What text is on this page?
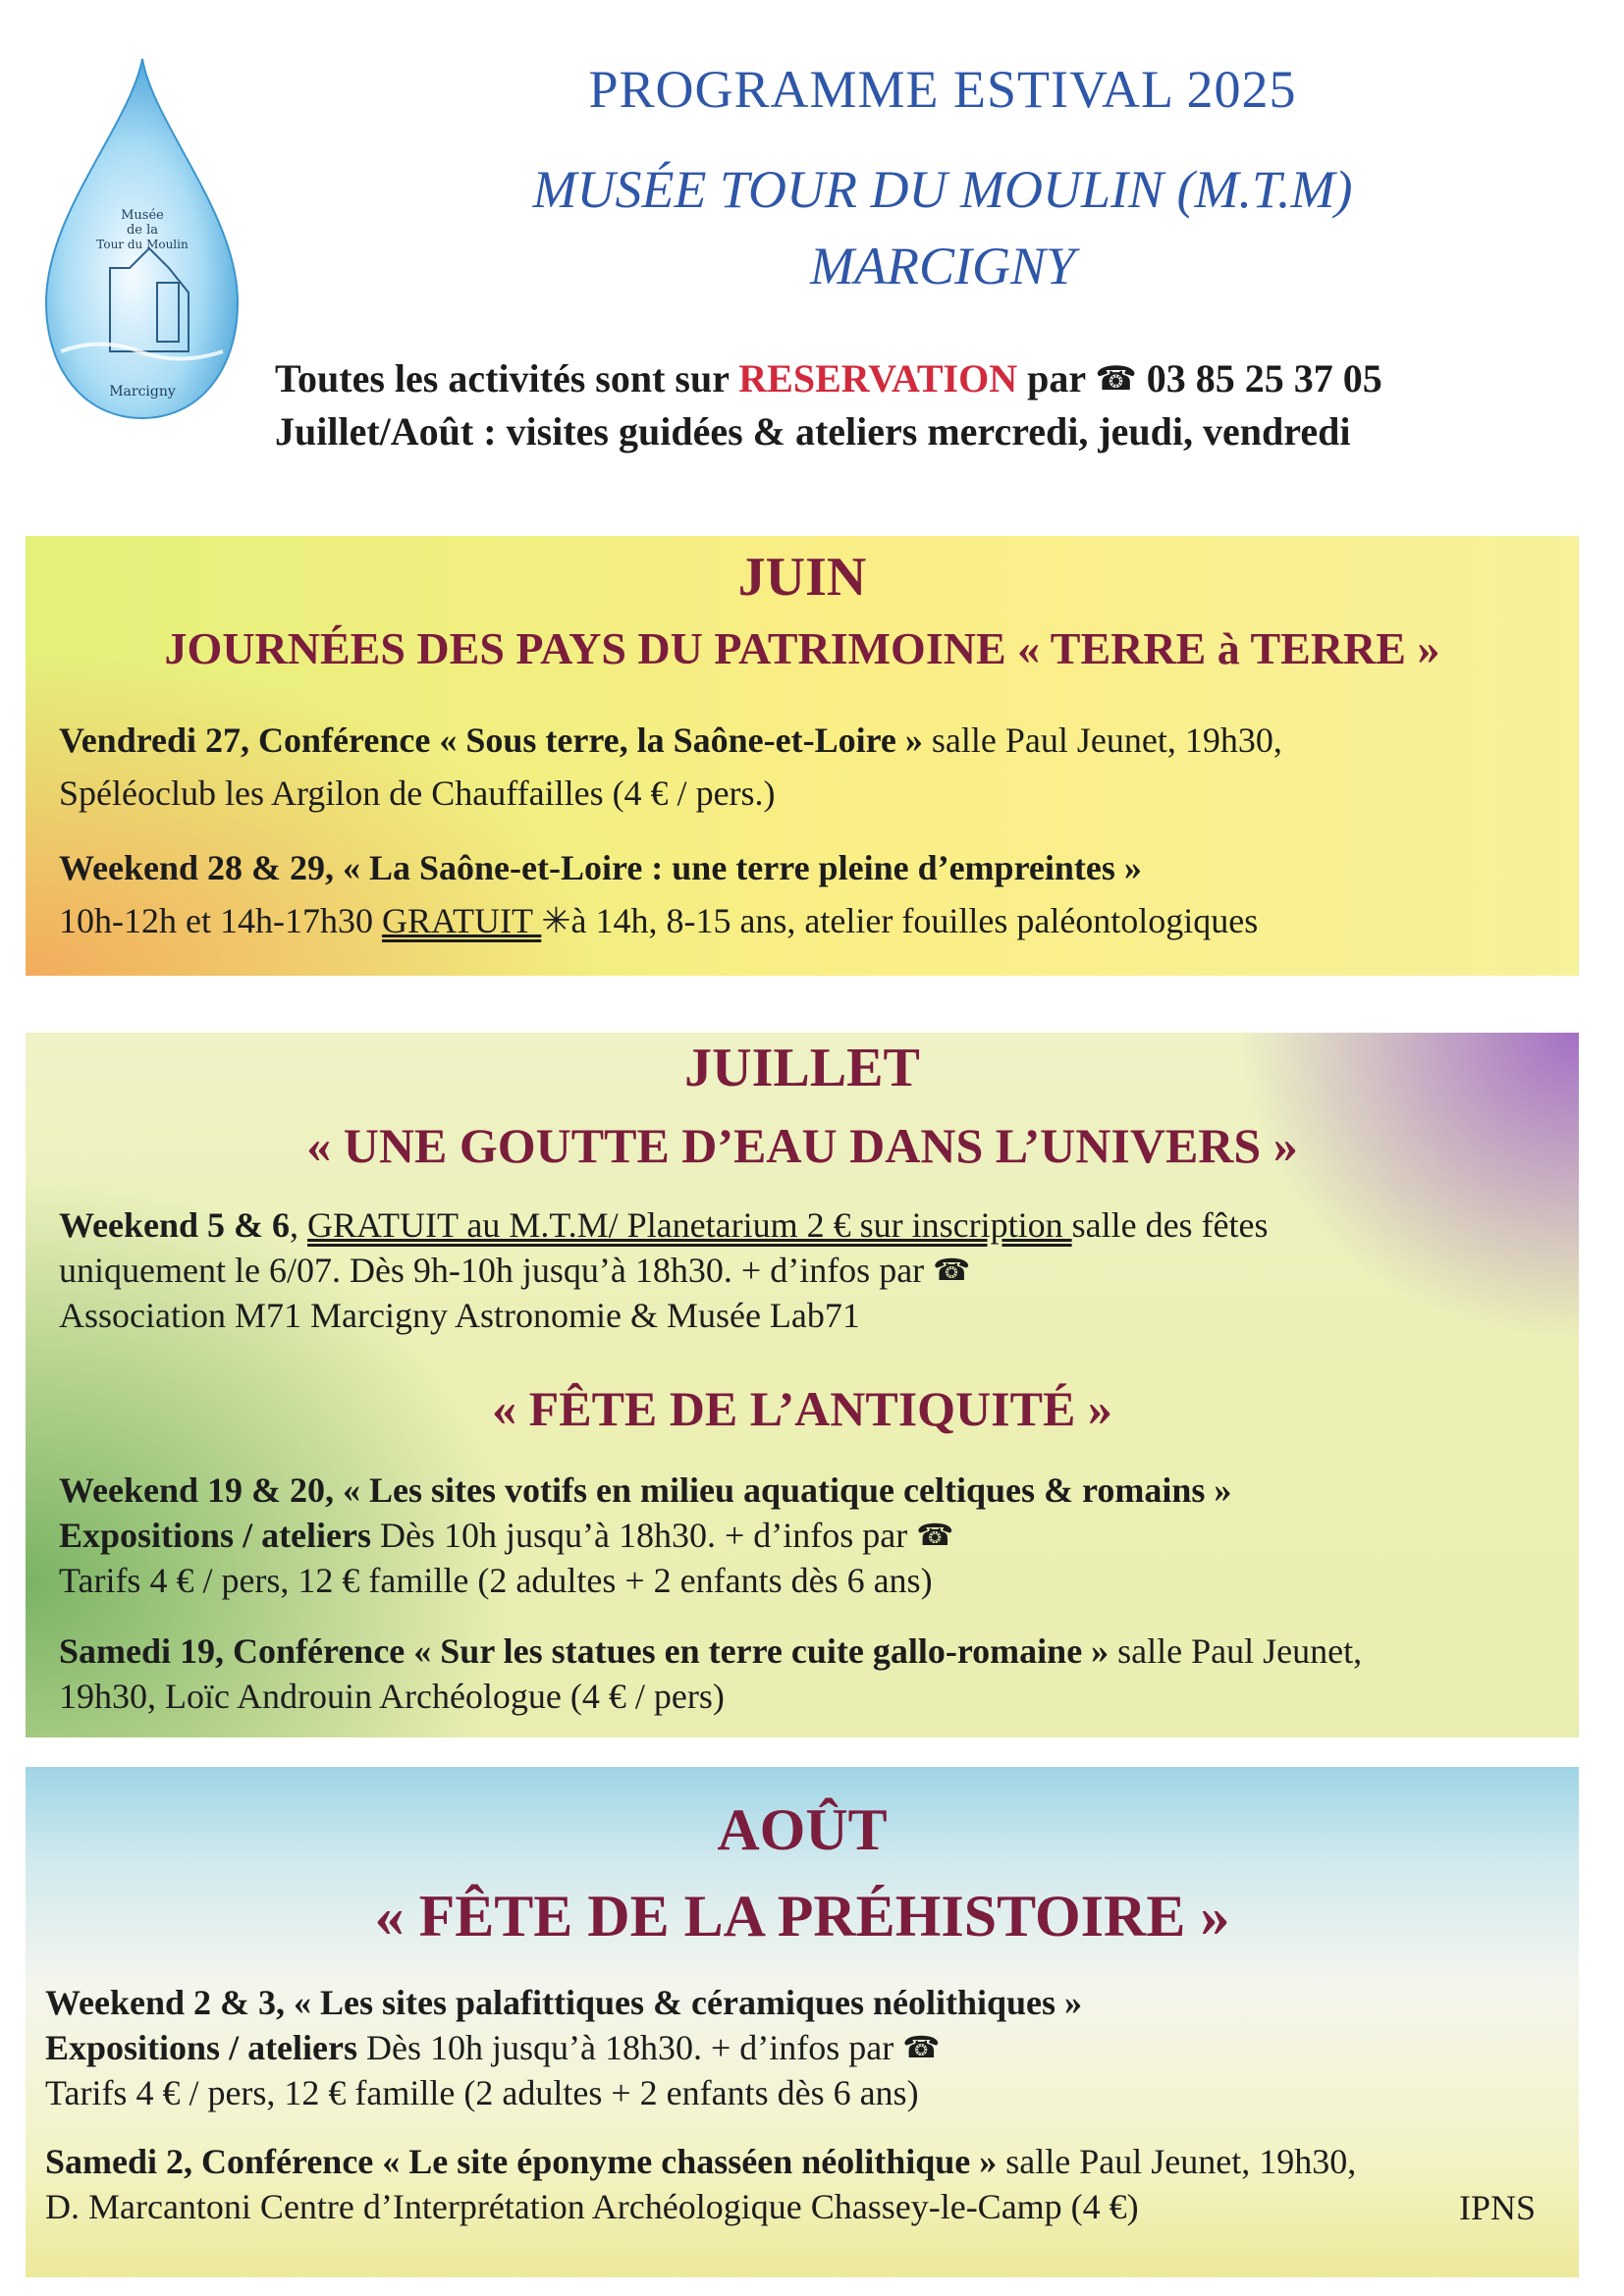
Musée
de la
Tour du Moulin
Marcigny
PROGRAMME ESTIVAL 2025
MUSÉE TOUR DU MOULIN (M.T.M)
MARCIGNY
Toutes les activités sont sur RESERVATION par ☎ 03 85 25 37 05
Juillet/Août : visites guidées & ateliers mercredi, jeudi, vendredi
JUIN
JOURNÉES DES PAYS DU PATRIMOINE « TERRE à TERRE »
Vendredi 27, Conférence « Sous terre, la Saône-et-Loire » salle Paul Jeunet, 19h30,
Spéléoclub les Argilon de Chauffailles (4 € / pers.)
Weekend 28 & 29, « La Saône-et-Loire : une terre pleine d’empreintes »
10h-12h et 14h-17h30 GRATUIT ✳à 14h, 8-15 ans, atelier fouilles paléontologiques
JUILLET
« UNE GOUTTE D’EAU DANS L’UNIVERS »
Weekend 5 & 6, GRATUIT au M.T.M/ Planetarium 2 € sur inscription salle des fêtes
uniquement le 6/07. Dès 9h-10h jusqu’à 18h30. + d’infos par ☎
Association M71 Marcigny Astronomie & Musée Lab71
« FÊTE DE L’ANTIQUITÉ »
Weekend 19 & 20, « Les sites votifs en milieu aquatique celtiques & romains »
Expositions / ateliers Dès 10h jusqu’à 18h30. + d’infos par ☎
Tarifs 4 € / pers, 12 € famille (2 adultes + 2 enfants dès 6 ans)
Samedi 19, Conférence « Sur les statues en terre cuite gallo-romaine » salle Paul Jeunet,
19h30, Loïc Androuin Archéologue (4 € / pers)
AOÛT
« FÊTE DE LA PRÉHISTOIRE »
Weekend 2 & 3, « Les sites palafittiques & céramiques néolithiques »
Expositions / ateliers Dès 10h jusqu’à 18h30. + d’infos par ☎
Tarifs 4 € / pers, 12 € famille (2 adultes + 2 enfants dès 6 ans)
Samedi 2, Conférence « Le site éponyme chasséen néolithique » salle Paul Jeunet, 19h30,
D. Marcantoni Centre d’Interprétation Archéologique Chassey-le-Camp (4 €)	IPNS
